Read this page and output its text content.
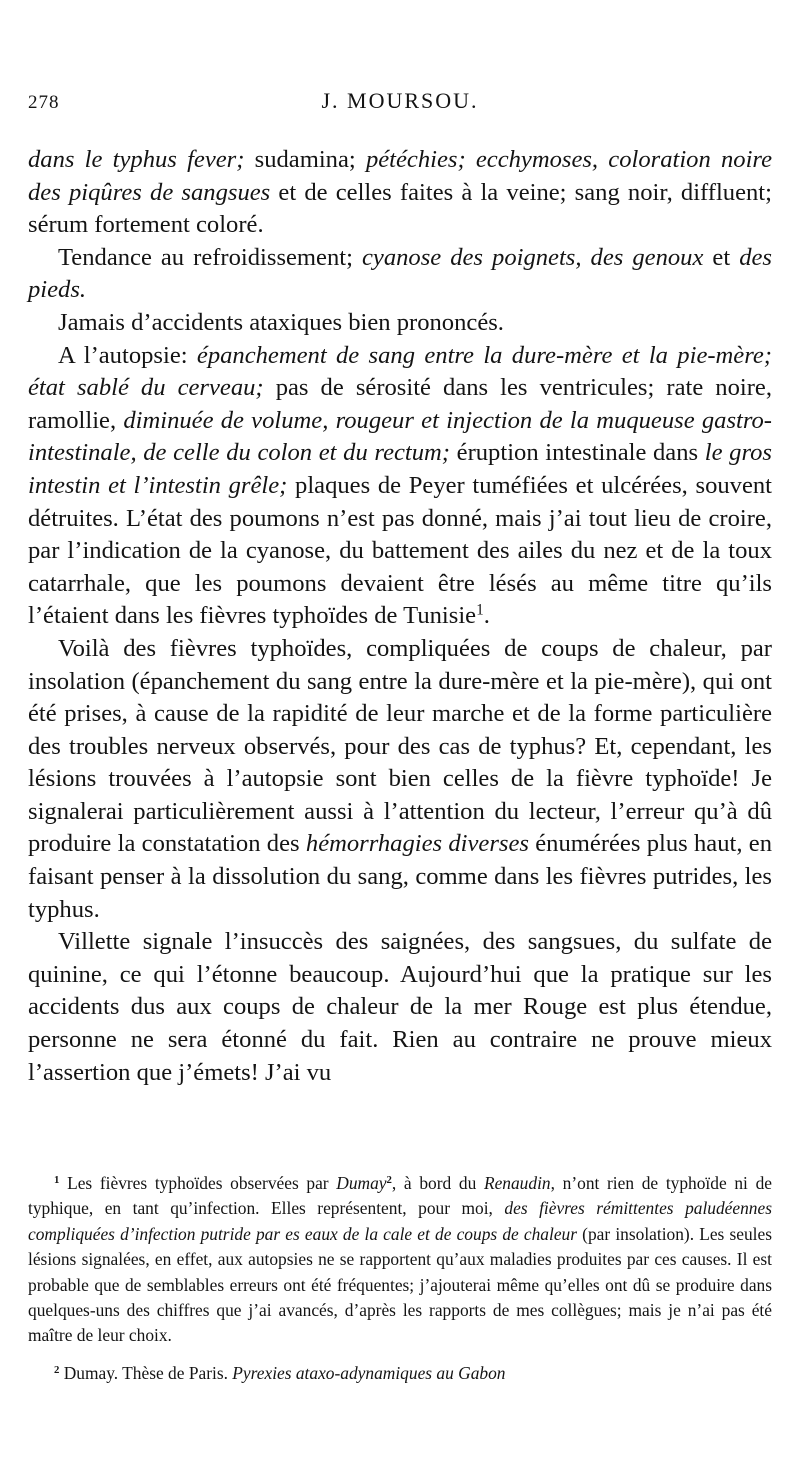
278	J. MOURSOU.

dans le typhus fever; sudamina; pétéchies; ecchymoses, coloration noire des piqûres de sangsues et de celles faites à la veine; sang noir, diffluent; sérum fortement coloré.

Tendance au refroidissement; cyanose des poignets, des genoux et des pieds.

Jamais d’accidents ataxiques bien prononcés.

A l’autopsie: épanchement de sang entre la dure-mère et la pie-mère; état sablé du cerveau; pas de sérosité dans les ventricules; rate noire, ramollie, diminuée de volume, rougeur et injection de la muqueuse gastro-intestinale, de celle du colon et du rectum; éruption intestinale dans le gros intestin et l’intestin grêle; plaques de Peyer tuméfiées et ulcérées, souvent détruites. L’état des poumons n’est pas donné, mais j’ai tout lieu de croire, par l’indication de la cyanose, du battement des ailes du nez et de la toux catarrhale, que les poumons devaient être lésés au même titre qu’ils l’étaient dans les fièvres typhoïdes de Tunisie$^1$.

Voilà des fièvres typhoïdes, compliquées de coups de chaleur, par insolation (épanchement du sang entre la dure-mère et la pie-mère), qui ont été prises, à cause de la rapidité de leur marche et de la forme particulière des troubles nerveux observés, pour des cas de typhus? Et, cependant, les lésions trouvées à l’autopsie sont bien celles de la fièvre typhoïde! Je signalerai particulièrement aussi à l’attention du lecteur, l’erreur qu’à dû produire la constatation des hémorrhagies diverses énumérées plus haut, en faisant penser à la dissolution du sang, comme dans les fièvres putrides, les typhus.

Villette signale l’insuccès des saignées, des sangsues, du sulfate de quinine, ce qui l’étonne beaucoup. Aujourd’hui que la pratique sur les accidents dus aux coups de chaleur de la mer Rouge est plus étendue, personne ne sera étonné du fait. Rien au contraire ne prouve mieux l’assertion que j’émets! J’ai vu

$^1$ Les fièvres typhoïdes observées par Dumay$^2$, à bord du Renaudin, n’ont rien de typhoïde ni de typhique, en tant qu’infection. Elles représentent, pour moi, des fièvres rémittentes paludéennes compliquées d’infection putride par es eaux de la cale et de coups de chaleur (par insolation). Les seules lésions signalées, en effet, aux autopsies ne se rapportent qu’aux maladies produites par ces causes. Il est probable que de semblables erreurs ont été fréquentes; j’ajouterai même qu’elles ont dû se produire dans quelques-uns des chiffres que j’ai avancés, d’après les rapports de mes collègues; mais je n’ai pas été maître de leur choix.

$^2$ Dumay. Thèse de Paris. Pyrexies ataxo-adynamiques au Gabon
